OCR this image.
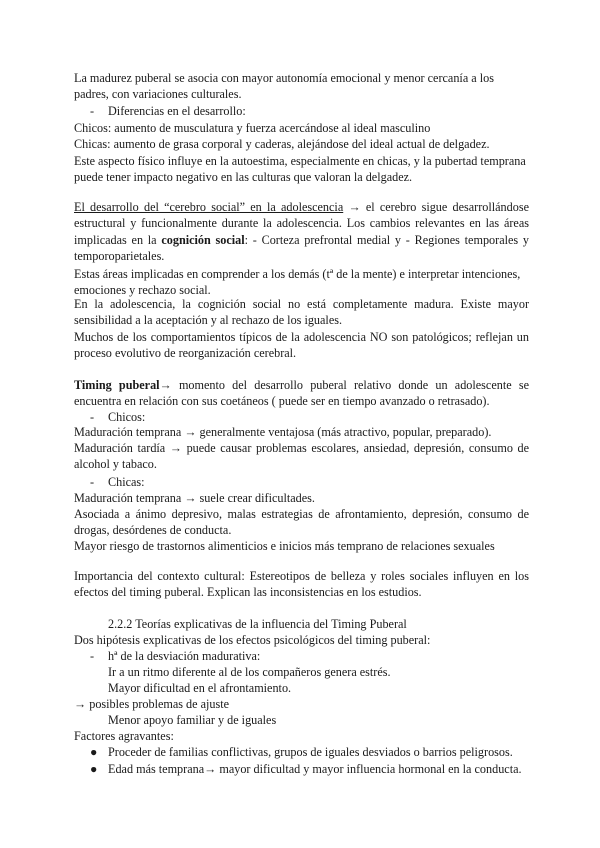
La madurez puberal se asocia con mayor autonomía emocional y menor cercanía a los padres, con variaciones culturales.

- Diferencias en el desarrollo:

Chicos: aumento de musculatura y fuerza acercándose al ideal masculino

Chicas: aumento de grasa corporal y caderas, alejándose del ideal actual de delgadez.

Este aspecto físico influye en la autoestima, especialmente en chicas, y la pubertad temprana puede tener impacto negativo en las culturas que valoran la delgadez.

El desarrollo del “cerebro social” en la adolescencia → el cerebro sigue desarrollándose estructural y funcionalmente durante la adolescencia. Los cambios relevantes en las áreas implicadas en la cognición social: - Corteza prefrontal medial y - Regiones temporales y temporoparietales.

Estas áreas implicadas en comprender a los demás (tª de la mente) e interpretar intenciones, emociones y rechazo social.

En la adolescencia, la cognición social no está completamente madura. Existe mayor sensibilidad a la aceptación y al rechazo de los iguales.

Muchos de los comportamientos típicos de la adolescencia NO son patológicos; reflejan un proceso evolutivo de reorganización cerebral.

Timing puberal→ momento del desarrollo puberal relativo donde un adolescente se encuentra en relación con sus coetáneos ( puede ser en tiempo avanzado o retrasado).

- Chicos:

Maduración temprana → generalmente ventajosa (más atractivo, popular, preparado).

Maduración tardía → puede causar problemas escolares, ansiedad, depresión, consumo de alcohol y tabaco.

- Chicas:

Maduración temprana → suele crear dificultades.

Asociada a ánimo depresivo, malas estrategias de afrontamiento, depresión, consumo de drogas, desórdenes de conducta.

Mayor riesgo de trastornos alimenticios e inicios más temprano de relaciones sexuales

Importancia del contexto cultural: Estereotipos de belleza y roles sociales influyen en los efectos del timing puberal. Explican las inconsistencias en los estudios.

2.2.2 Teorías explicativas de la influencia del Timing Puberal

Dos hipótesis explicativas de los efectos psicológicos del timing puberal:

- hª de la desviación madurativa:

Ir a un ritmo diferente al de los compañeros genera estrés.

Mayor dificultad en el afrontamiento.

→ posibles problemas de ajuste

Menor apoyo familiar y de iguales

Factores agravantes:

● Proceder de familias conflictivas, grupos de iguales desviados o barrios peligrosos.

● Edad más temprana→ mayor dificultad y mayor influencia hormonal en la conducta.
